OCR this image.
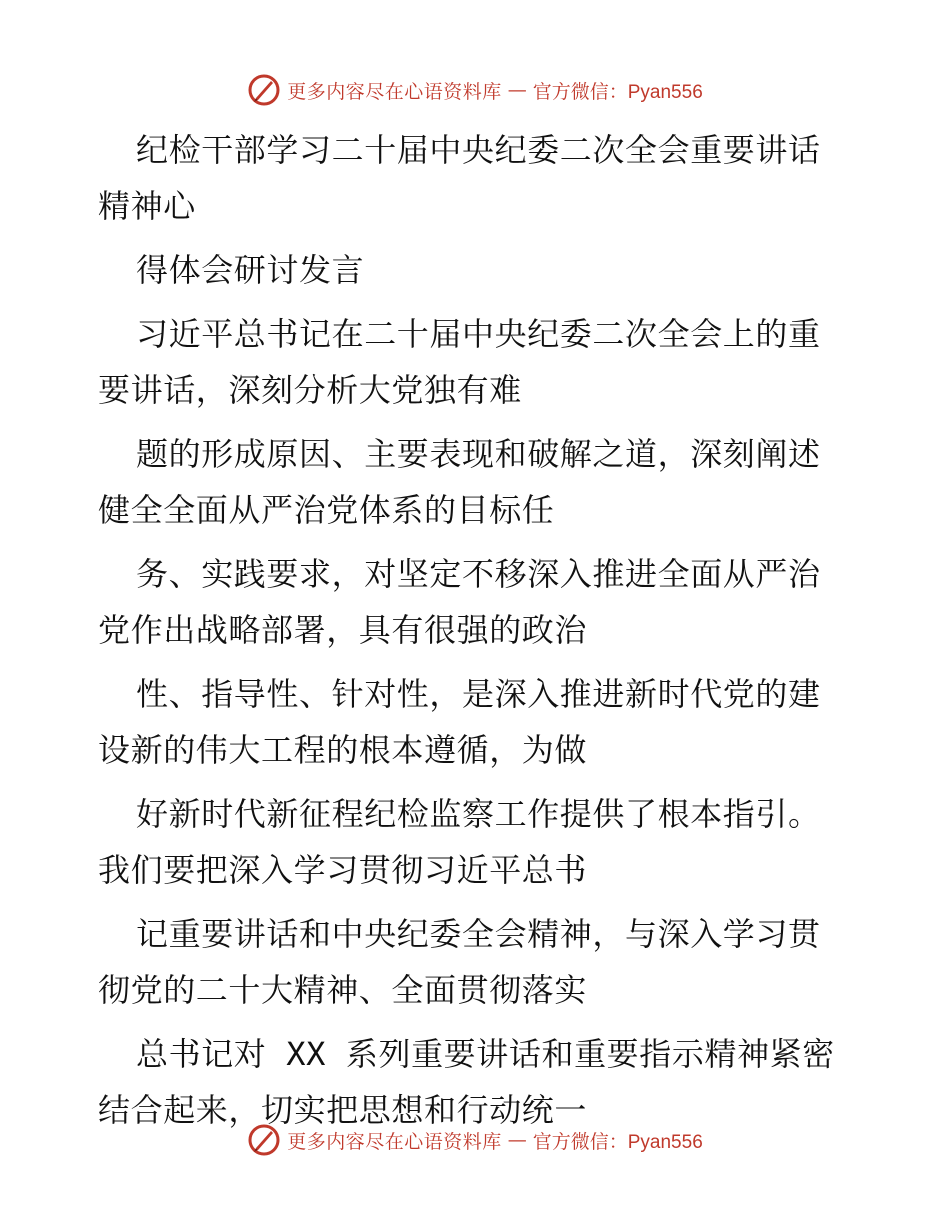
更多内容尽在心语资料库 — 官方微信：Pyan556

纪检干部学习二十届中央纪委二次全会重要讲话
精神心

得体会研讨发言

习近平总书记在二十届中央纪委二次全会上的重
要讲话，深刻分析大党独有难

题的形成原因、主要表现和破解之道，深刻阐述
健全全面从严治党体系的目标任

务、实践要求，对坚定不移深入推进全面从严治
党作出战略部署，具有很强的政治

性、指导性、针对性，是深入推进新时代党的建
设新的伟大工程的根本遵循，为做

好新时代新征程纪检监察工作提供了根本指引。
我们要把深入学习贯彻习近平总书

记重要讲话和中央纪委全会精神，与深入学习贯
彻党的二十大精神、全面贯彻落实

总书记对 XX 系列重要讲话和重要指示精神紧密
结合起来，切实把思想和行动统一

更多内容尽在心语资料库 — 官方微信：Pyan556
